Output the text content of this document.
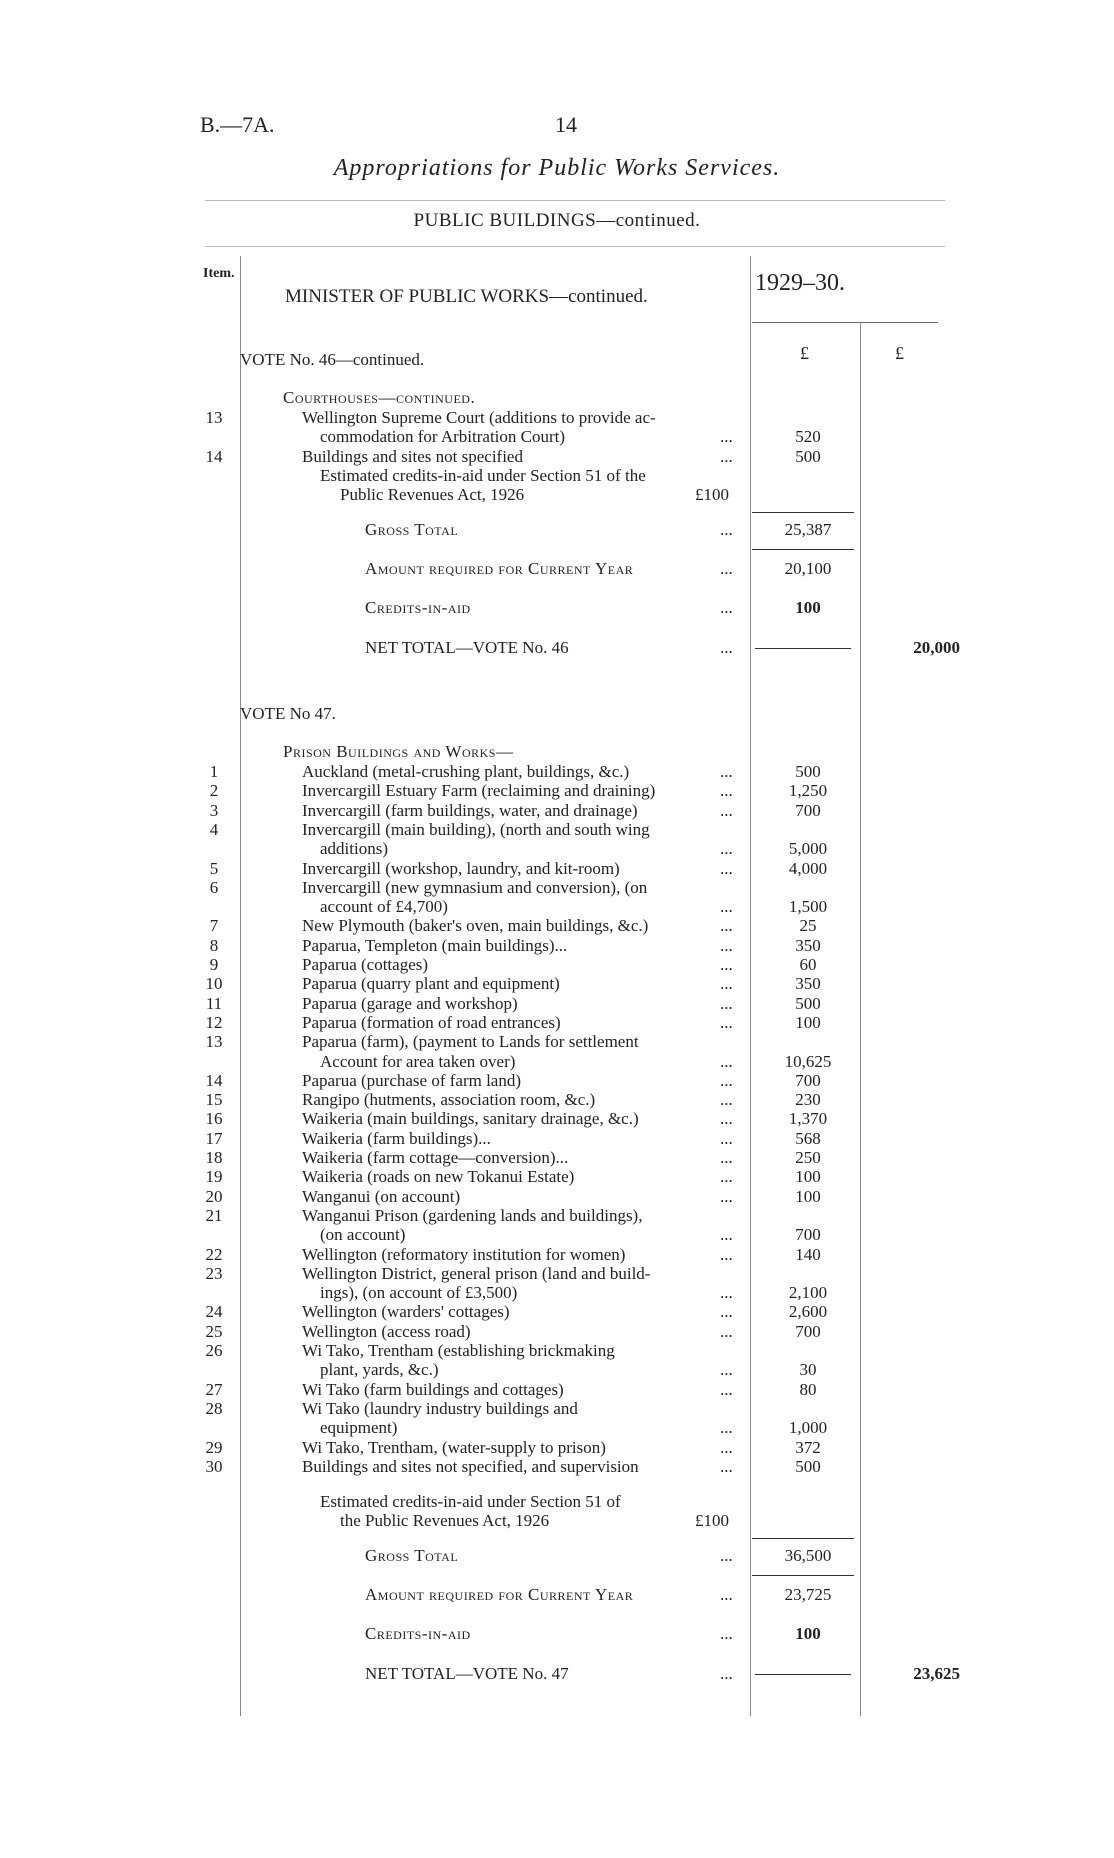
B.—7A.	14
Appropriations for Public Works Services.
PUBLIC BUILDINGS—continued.
Item.
MINISTER OF PUBLIC WORKS—continued.
1929–30.
£	£
VOTE No. 46—continued.
Courthouses—continued.
13	Wellington Supreme Court (additions to provide ac-
commodation for Arbitration Court)	...	520
14	Buildings and sites not specified	...	500
Estimated credits-in-aid under Section 51 of the
Public Revenues Act, 1926	£100
Gross Total	...	25,387
Amount required for Current Year	...	20,100
Credits-in-aid	...	100
NET TOTAL—VOTE No. 46	...	20,000
VOTE No 47.
Prison Buildings and Works—
1	Auckland (metal-crushing plant, buildings, &c.)	...	500
2	Invercargill Estuary Farm (reclaiming and draining)	...	1,250
3	Invercargill (farm buildings, water, and drainage)	...	700
4	Invercargill (main building), (north and south wing
additions)	...	5,000
5	Invercargill (workshop, laundry, and kit-room)	...	4,000
6	Invercargill (new gymnasium and conversion), (on
account of £4,700)	...	1,500
7	New Plymouth (baker's oven, main buildings, &c.)	...	25
8	Paparua, Templeton (main buildings)...	...	350
9	Paparua (cottages)	...	60
10	Paparua (quarry plant and equipment)	...	350
11	Paparua (garage and workshop)	...	500
12	Paparua (formation of road entrances)	...	100
13	Paparua (farm), (payment to Lands for settlement
Account for area taken over)	...	10,625
14	Paparua (purchase of farm land)	...	700
15	Rangipo (hutments, association room, &c.)	...	230
16	Waikeria (main buildings, sanitary drainage, &c.)	...	1,370
17	Waikeria (farm buildings)...	...	568
18	Waikeria (farm cottage—conversion)...	...	250
19	Waikeria (roads on new Tokanui Estate)	...	100
20	Wanganui (on account)	...	100
21	Wanganui Prison (gardening lands and buildings),
(on account)	...	700
22	Wellington (reformatory institution for women)	...	140
23	Wellington District, general prison (land and build-
ings), (on account of £3,500)	...	2,100
24	Wellington (warders' cottages)	...	2,600
25	Wellington (access road)	...	700
26	Wi Tako, Trentham (establishing brickmaking
plant, yards, &c.)	...	30
27	Wi Tako (farm buildings and cottages)	...	80
28	Wi Tako (laundry industry buildings and
equipment)	...	1,000
29	Wi Tako, Trentham, (water-supply to prison)	...	372
30	Buildings and sites not specified, and supervision	...	500
Estimated credits-in-aid under Section 51 of
the Public Revenues Act, 1926	£100
Gross Total	...	36,500
Amount required for Current Year	...	23,725
Credits-in-aid	...	100
NET TOTAL—VOTE No. 47	...	23,625
